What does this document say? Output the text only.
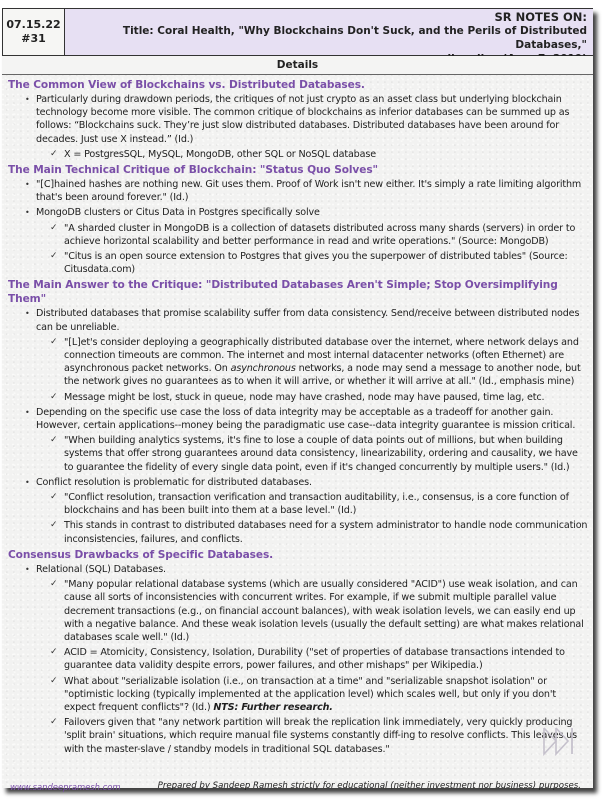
07.15.22
#31
SR NOTES ON:
Title: Coral Health, "Why Blockchains Don't Suck, and the Perils of Distributed Databases,"
Details
The Common View of Blockchains vs. Distributed Databases.
• Particularly during drawdown periods, the critiques of not just crypto as an asset class but underlying blockchain technology become more visible. The common critique of blockchains as inferior databases can be summed up as follows: “Blockchains suck. They’re just slow distributed databases. Distributed databases have been around for decades. Just use X instead.” (Id.)
✓ X = PostgresSQL, MySQL, MongoDB, other SQL or NoSQL database
The Main Technical Critique of Blockchain: "Status Quo Solves"
• "[C]hained hashes are nothing new. Git uses them. Proof of Work isn't new either. It's simply a rate limiting algorithm that's been around forever." (Id.)
• MongoDB clusters or Citus Data in Postgres specifically solve
✓ "A sharded cluster in MongoDB is a collection of datasets distributed across many shards (servers) in order to achieve horizontal scalability and better performance in read and write operations." (Source: MongoDB)
✓ "Citus is an open source extension to Postgres that gives you the superpower of distributed tables" (Source: Citusdata.com)
The Main Answer to the Critique: "Distributed Databases Aren't Simple; Stop Oversimplifying Them"
• Distributed databases that promise scalability suffer from data consistency. Send/receive between distributed nodes can be unreliable.
✓ "[L]et's consider deploying a geographically distributed database over the internet, where network delays and connection timeouts are common. The internet and most internal datacenter networks (often Ethernet) are asynchronous packet networks. On asynchronous networks, a node may send a message to another node, but the network gives no guarantees as to when it will arrive, or whether it will arrive at all." (Id., emphasis mine)
✓ Message might be lost, stuck in queue, node may have crashed, node may have paused, time lag, etc.
• Depending on the specific use case the loss of data integrity may be acceptable as a tradeoff for another gain. However, certain applications--money being the paradigmatic use case--data integrity guarantee is mission critical.
✓ "When building analytics systems, it's fine to lose a couple of data points out of millions, but when building systems that offer strong guarantees around data consistency, linearizability, ordering and causality, we have to guarantee the fidelity of every single data point, even if it's changed concurrently by multiple users." (Id.)
• Conflict resolution is problematic for distributed databases.
✓ "Conflict resolution, transaction verification and transaction auditability, i.e., consensus, is a core function of blockchains and has been built into them at a base level." (Id.)
✓ This stands in contrast to distributed databases need for a system administrator to handle node communication inconsistencies, failures, and conflicts.
Consensus Drawbacks of Specific Databases.
• Relational (SQL) Databases.
✓ "Many popular relational database systems (which are usually considered "ACID") use weak isolation, and can cause all sorts of inconsistencies with concurrent writes. For example, if we submit multiple parallel value decrement transactions (e.g., on financial account balances), with weak isolation levels, we can easily end up with a negative balance. And these weak isolation levels (usually the default setting) are what makes relational databases scale well." (Id.)
✓ ACID = Atomicity, Consistency, Isolation, Durability ("set of properties of database transactions intended to guarantee data validity despite errors, power failures, and other mishaps" per Wikipedia.)
✓ What about "serializable isolation (i.e., on transaction at a time" and "serializable snapshot isolation" or "optimistic locking (typically implemented at the application level) which scales well, but only if you don't expect frequent conflicts"? (Id.) NTS: Further research.
✓ Failovers given that "any network partition will break the replication link immediately, very quickly producing 'split brain' situations, which require manual file systems constantly diff-ing to resolve conflicts. This leaves us with the master-slave / standby models in traditional SQL databases."
www.sandeepramesh.com	Prepared by Sandeep Ramesh strictly for educational (neither investment nor business) purposes.
